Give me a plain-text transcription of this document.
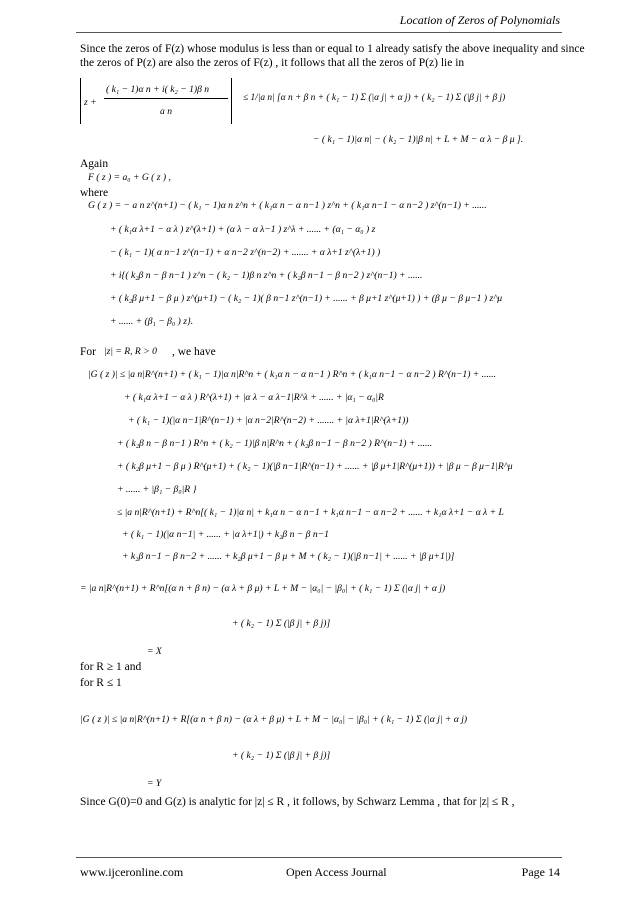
Location of Zeros of Polynomials
Since the zeros of F(z) whose modulus is less than or equal to 1 already satisfy the above inequality and since
the zeros of P(z) are also the zeros of F(z) , it follows that all the zeros of P(z) lie in
z +
( k₁ − 1)α n + i( k₂ − 1)β n
a n
≤ 1/|a n| [α n + β n + ( k₁ − 1) Σ (|α j| + α j) + ( k₂ − 1) Σ (|β j| + β j)
− ( k₁ − 1)|α n| − ( k₂ − 1)|β n| + L + M − α λ − β μ ].
Again
F ( z ) = a₀ + G ( z ) ,
where
G ( z ) = − a n z^(n+1) − ( k₁ − 1)α n z^n + ( k₁α n − α n−1 ) z^n + ( k₁α n−1 − α n−2 ) z^(n−1) + ......
+ ( k₁α λ+1 − α λ ) z^(λ+1) + (α λ − α λ−1 ) z^λ + ...... + (α₁ − α₀ ) z
− ( k₁ − 1)( α n−1 z^(n−1) + α n−2 z^(n−2) + ....... + α λ+1 z^(λ+1) )
+ i{( k₂β n − β n−1 ) z^n − ( k₂ − 1)β n z^n + ( k₂β n−1 − β n−2 ) z^(n−1) + ......
+ ( k₂β μ+1 − β μ ) z^(μ+1) − ( k₂ − 1)( β n−1 z^(n−1) + ...... + β μ+1 z^(μ+1) ) + (β μ − β μ−1 ) z^μ
+ ...... + (β₁ − β₀ ) z}.
For |z| = R, R > 0 , we have
|G ( z )| ≤ |a n|R^(n+1) + ( k₁ − 1)|α n|R^n + ( k₁α n − α n−1 ) R^n + ( k₁α n−1 − α n−2 ) R^(n−1) + ......
+ ( k₁α λ+1 − α λ ) R^(λ+1) + |α λ − α λ−1|R^λ + ...... + |α₁ − α₀|R
+ ( k₁ − 1)(|α n−1|R^(n−1) + |α n−2|R^(n−2) + ....... + |α λ+1|R^(λ+1))
+ ( k₂β n − β n−1 ) R^n + ( k₂ − 1)|β n|R^n + ( k₂β n−1 − β n−2 ) R^(n−1) + ......
+ ( k₂β μ+1 − β μ ) R^(μ+1) + ( k₂ − 1)(|β n−1|R^(n−1) + ...... + |β μ+1|R^(μ+1)) + |β μ − β μ−1|R^μ
+ ...... + |β₁ − β₀|R }
≤ |a n|R^(n+1) + R^n[( k₁ − 1)|α n| + k₁α n − α n−1 + k₁α n−1 − α n−2 + ...... + k₁α λ+1 − α λ + L
+ ( k₁ − 1)(|α n−1| + ...... + |α λ+1|) + k₂β n − β n−1
+ k₂β n−1 − β n−2 + ...... + k₂β μ+1 − β μ + M + ( k₂ − 1)(|β n−1| + ...... + |β μ+1|)]
= |a n|R^(n+1) + R^n[(α n + β n) − (α λ + β μ) + L + M − |α₀| − |β₀| + ( k₁ − 1) Σ (|α j| + α j)
+ ( k₂ − 1) Σ (|β j| + β j)]
= X
for R ≥ 1 and
for R ≤ 1
|G ( z )| ≤ |a n|R^(n+1) + R[(α n + β n) − (α λ + β μ) + L + M − |α₀| − |β₀| + ( k₁ − 1) Σ (|α j| + α j)
+ ( k₂ − 1) Σ (|β j| + β j)]
= Y
Since G(0)=0 and G(z) is analytic for |z| ≤ R , it follows, by Schwarz Lemma , that for |z| ≤ R ,
www.ijceronline.com	Open Access Journal	Page 14
